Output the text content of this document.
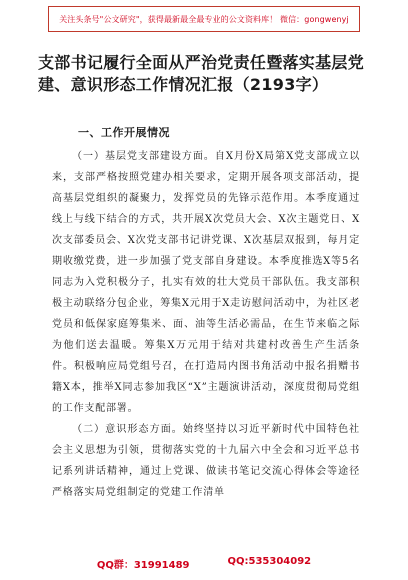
关注头条号"公文研究"，获得最新最全最专业的公文资料库！ 微信：gongwenyj
支部书记履行全面从严治党责任暨落实基层党建、意识形态工作情况汇报（2193字）
一、工作开展情况

（一）基层党支部建设方面。自X月份X局第X党支部成立以来，支部严格按照党建办相关要求，定期开展各项支部活动，提高基层党组织的凝聚力，发挥党员的先锋示范作用。本季度通过线上与线下结合的方式，共开展X次党员大会、X次主题党日、X次支部委员会、X次党支部书记讲党课、X次基层双报到，每月定期收缴党费，进一步加强了党支部自身建设。本季度推选X等5名同志为入党积极分子，扎实有效的壮大党员干部队伍。我支部积极主动联络分包企业，筹集X元用于X走访慰问活动中，为社区老党员和低保家庭筹集米、面、油等生活必需品，在生节来临之际为他们送去温暖。筹集X万元用于结对共建村改善生产生活条件。积极响应局党组号召，在打造局内图书角活动中报名捐赠书籍X本，推举X同志参加我区“X”主题演讲活动，深度贯彻局党组的工作支配部署。

（二）意识形态方面。始终坚持以习近平新时代中国特色社会主义思想为引领，贯彻落实党的十九届六中全会和习近平总书记系列讲话精神，通过上党课、做读书笔记交流心得体会等途径严格落实局党组制定的党建工作清单

QQ群：31991489	QQ:535304092
